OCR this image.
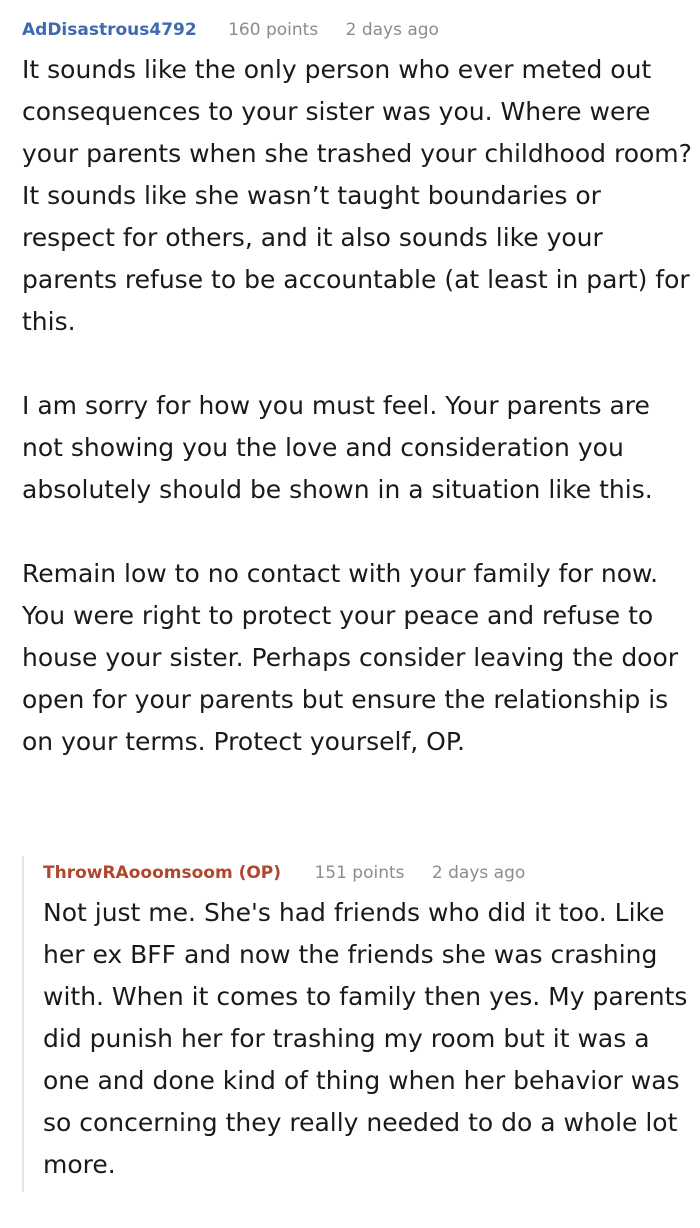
AdDisastrous4792 160 points 2 days ago

It sounds like the only person who ever meted out consequences to your sister was you. Where were your parents when she trashed your childhood room? It sounds like she wasn’t taught boundaries or respect for others, and it also sounds like your parents refuse to be accountable (at least in part) for this.

I am sorry for how you must feel. Your parents are not showing you the love and consideration you absolutely should be shown in a situation like this.

Remain low to no contact with your family for now. You were right to protect your peace and refuse to house your sister. Perhaps consider leaving the door open for your parents but ensure the relationship is on your terms. Protect yourself, OP.

ThrowRAooomsoom (OP) 151 points 2 days ago

Not just me. She's had friends who did it too. Like her ex BFF and now the friends she was crashing with. When it comes to family then yes. My parents did punish her for trashing my room but it was a one and done kind of thing when her behavior was so concerning they really needed to do a whole lot more.
